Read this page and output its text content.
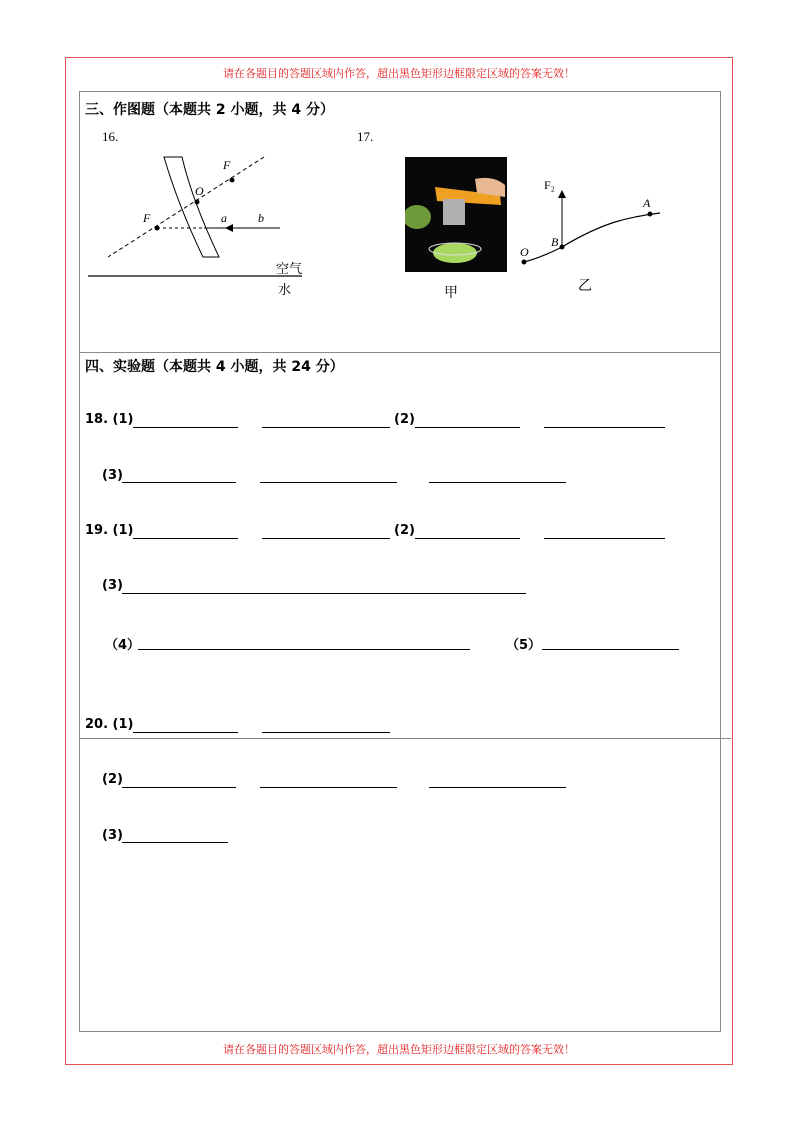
请在各题目的答题区域内作答，超出黑色矩形边框限定区域的答案无效！
请在各题目的答题区域内作答，超出黑色矩形边框限定区域的答案无效！
三、作图题（本题共 2 小题，共 4 分）
16.	17.
F
O
F	a	b
空气
水	甲
F₂
A
B
O
乙
四、实验题（本题共 4 小题，共 24 分）
18. (1)	(2)
(3)
19. (1)	(2)
(3)
（4）	（5）
20. (1)
(2)
(3)
